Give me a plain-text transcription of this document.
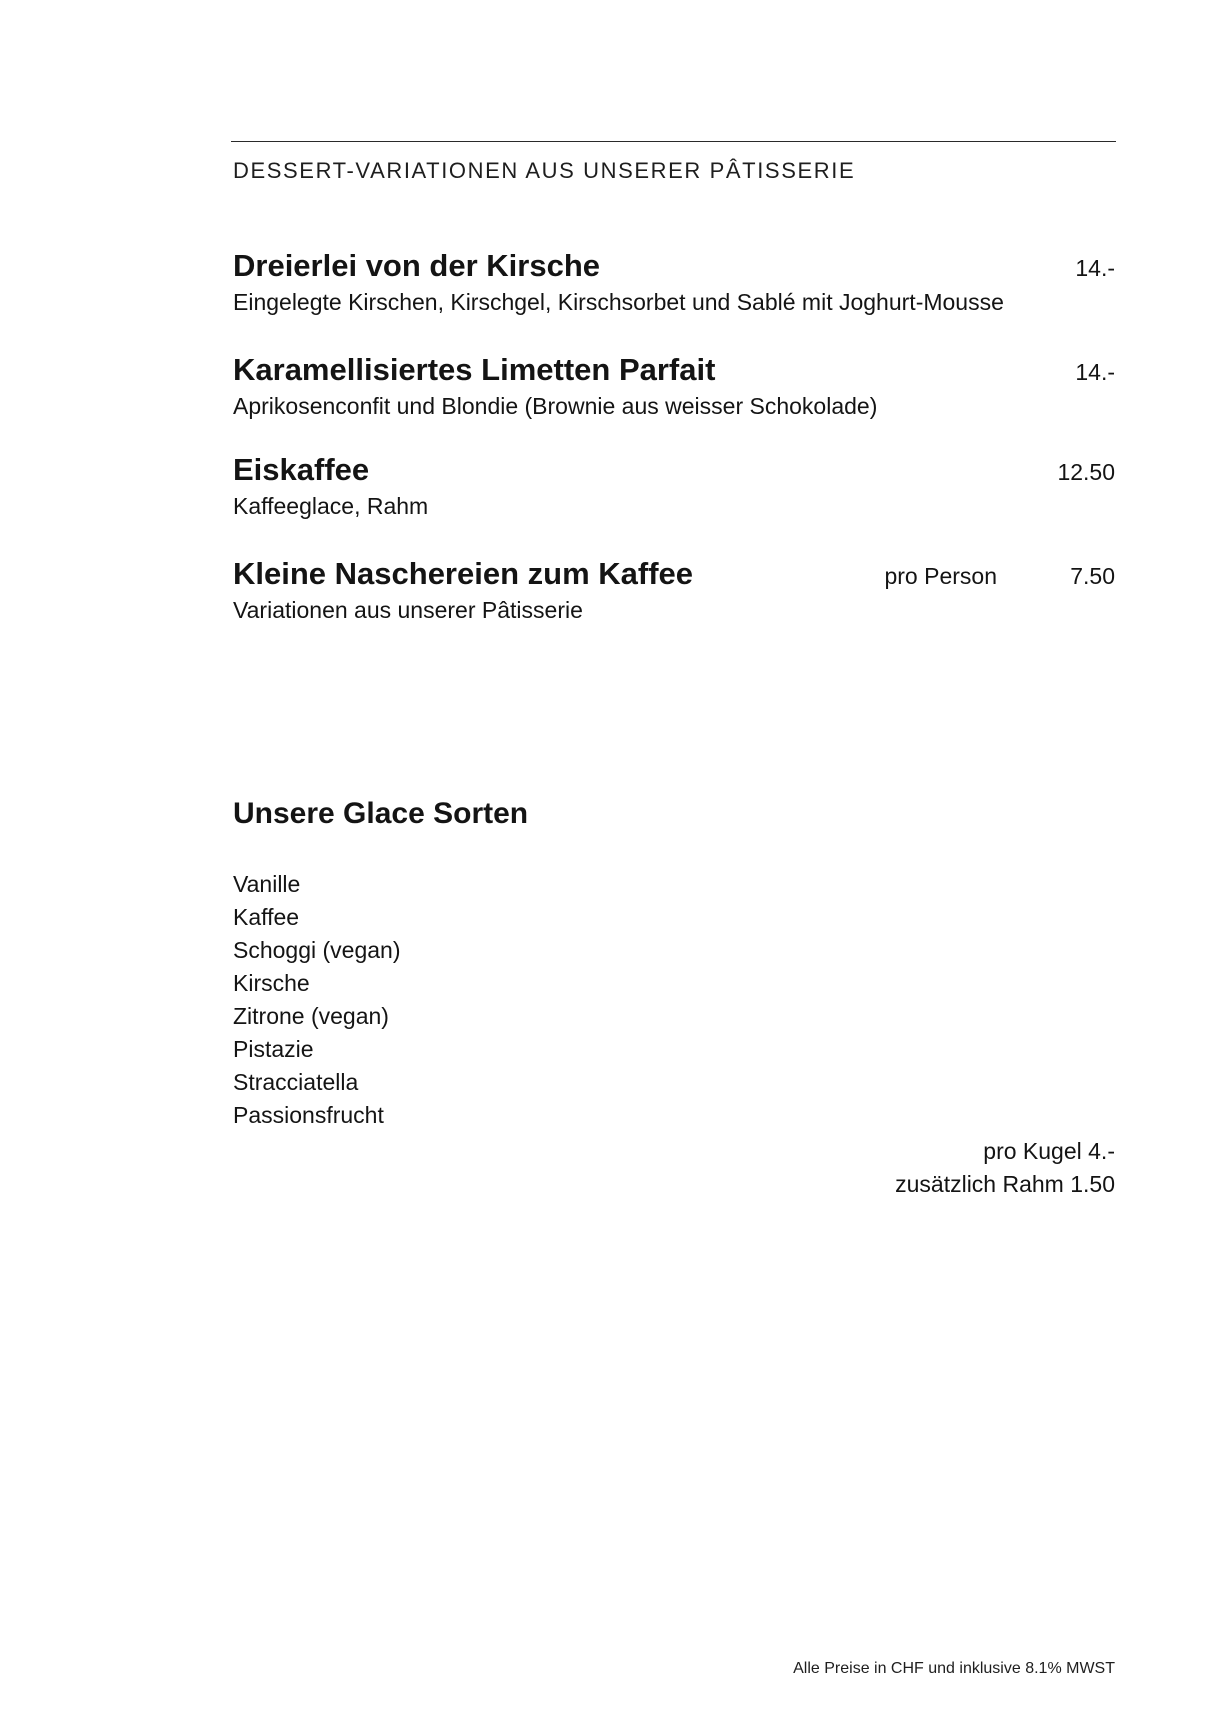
DESSERT-VARIATIONEN AUS UNSERER PÂTISSERIE
Dreierlei von der Kirsche
Eingelegte Kirschen, Kirschgel, Kirschsorbet und Sablé mit Joghurt-Mousse
14.-
Karamellisiertes Limetten Parfait
Aprikosenconfit und Blondie (Brownie aus weisser Schokolade)
14.-
Eiskaffee
Kaffeeglace, Rahm
12.50
Kleine Naschereien zum Kaffee
Variationen aus unserer Pâtisserie
pro Person	7.50
Unsere Glace Sorten
Vanille
Kaffee
Schoggi (vegan)
Kirsche
Zitrone (vegan)
Pistazie
Stracciatella
Passionsfrucht
pro Kugel 4.-
zusätzlich Rahm 1.50
Alle Preise in CHF und inklusive 8.1% MWST
